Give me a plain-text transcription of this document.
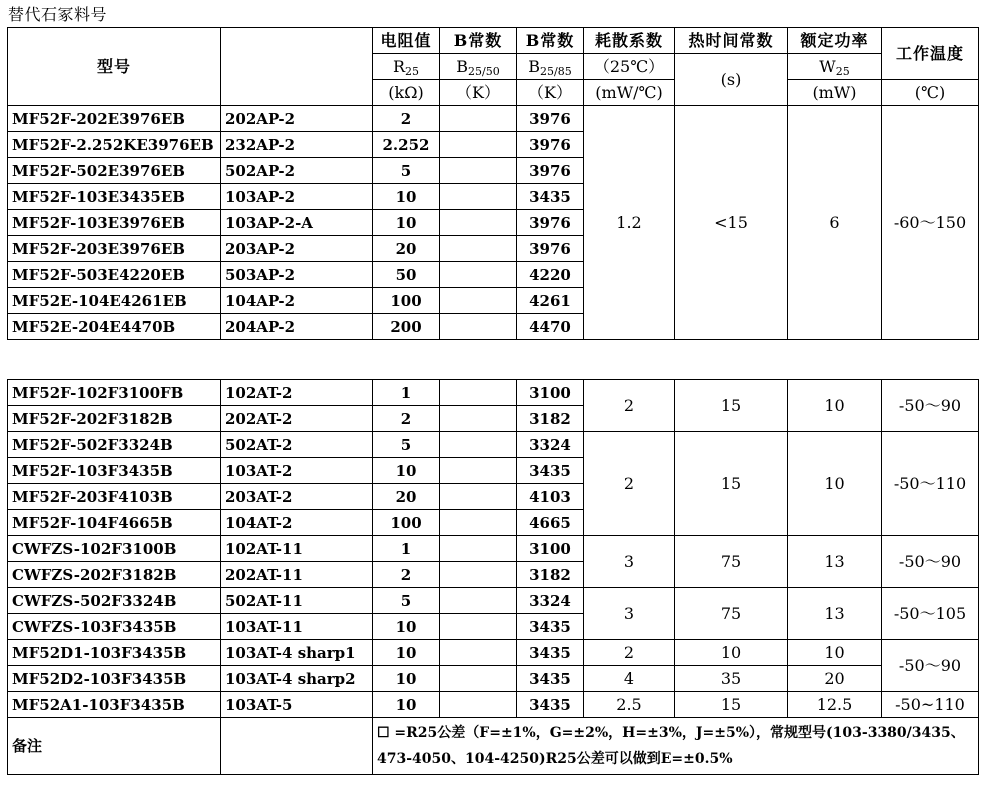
替代石冢料号
型号		电阻值	B常数	B常数	耗散系数	热时间常数	额定功率	工作温度
		$R_{25}$	$B_{25/50}$	$B_{25/85}$	（25℃）	(s)	$W_{25}$
		(kΩ)	（K）	（K）	(mW/℃)		(mW)	(℃)
MF52F-202E3976EB	202AP-2	2		3976	1.2	<15	6	-60～150
MF52F-2.252KE3976EB	232AP-2	2.252		3976				
MF52F-502E3976EB	502AP-2	5		3976				
MF52F-103E3435EB	103AP-2	10		3435				
MF52F-103E3976EB	103AP-2-A	10		3976				
MF52F-203E3976EB	203AP-2	20		3976				
MF52F-503E4220EB	503AP-2	50		4220				
MF52E-104E4261EB	104AP-2	100		4261				
MF52E-204E4470B	204AP-2	200		4470				
MF52F-102F3100FB	102AT-2	1		3100	2	15	10	-50～90
MF52F-202F3182B	202AT-2	2		3182				
MF52F-502F3324B	502AT-2	5		3324	2	15	10	-50～110
MF52F-103F3435B	103AT-2	10		3435				
MF52F-203F4103B	203AT-2	20		4103				
MF52F-104F4665B	104AT-2	100		4665				
CWFZS-102F3100B	102AT-11	1		3100	3	75	13	-50～90
CWFZS-202F3182B	202AT-11	2		3182				
CWFZS-502F3324B	502AT-11	5		3324	3	75	13	-50～105
CWFZS-103F3435B	103AT-11	10		3435				
MF52D1-103F3435B	103AT-4 sharp1	10		3435	2	10	10	-50～90
MF52D2-103F3435B	103AT-4 sharp2	10		3435	4	35	20	
MF52A1-103F3435B	103AT-5	10		3435	2.5	15	12.5	-50~110
备注		☐ =R25公差（F=±1%，G=±2%，H=±3%，J=±5%），常规型号(103-3380/3435、473-4050、104-4250)R25公差可以做到E=±0.5%						
